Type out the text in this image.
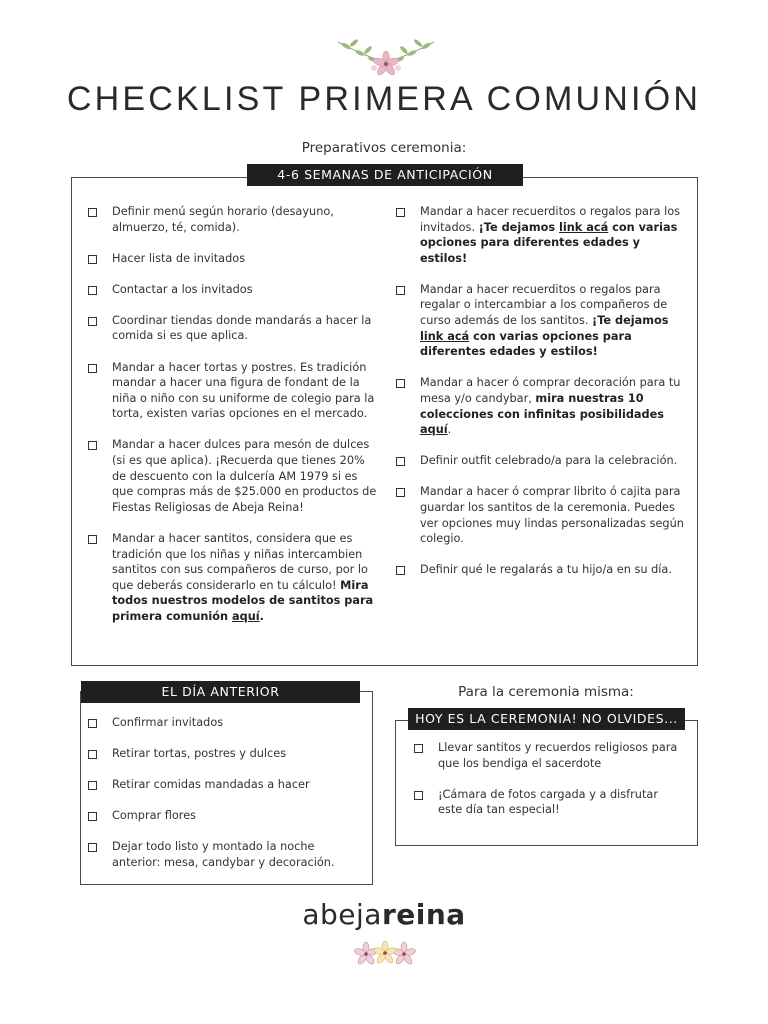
CHECKLIST PRIMERA COMUNIÓN
Preparativos ceremonia:
4-6 SEMANAS DE ANTICIPACIÓN
Definir menú según horario (desayuno, almuerzo, té, comida).
Hacer lista de invitados
Contactar a los invitados
Coordinar tiendas donde mandarás a hacer la comida si es que aplica.
Mandar a hacer tortas y postres. Es tradición mandar a hacer una figura de fondant de la niña o niño con su uniforme de colegio para la torta, existen varias opciones en el mercado.
Mandar a hacer dulces para mesón de dulces (si es que aplica). ¡Recuerda que tienes 20% de descuento con la dulcería AM 1979 si es que compras más de $25.000 en productos de Fiestas Religiosas de Abeja Reina!
Mandar a hacer santitos, considera que es tradición que los niñas y niñas intercambien santitos con sus compañeros de curso, por lo que deberás considerarlo en tu cálculo! Mira todos nuestros modelos de santitos para primera comunión aquí.
Mandar a hacer recuerditos o regalos para los invitados. ¡Te dejamos link acá con varias opciones para diferentes edades y estilos!
Mandar a hacer recuerditos o regalos para regalar o intercambiar a los compañeros de curso además de los santitos. ¡Te dejamos link acá con varias opciones para diferentes edades y estilos!
Mandar a hacer ó comprar decoración para tu mesa y/o candybar, mira nuestras 10 colecciones con infinitas posibilidades aquí.
Definir outfit celebrado/a para la celebración.
Mandar a hacer ó comprar librito ó cajita para guardar los santitos de la ceremonia. Puedes ver opciones muy lindas personalizadas según colegio.
Definir qué le regalarás a tu hijo/a en su día.
EL DÍA ANTERIOR
Confirmar invitados
Retirar tortas, postres y dulces
Retirar comidas mandadas a hacer
Comprar flores
Dejar todo listo y montado la noche anterior: mesa, candybar y decoración.
Para la ceremonia misma:
HOY ES LA CEREMONIA! NO OLVIDES...
Llevar santitos y recuerdos religiosos para que los bendiga el sacerdote
¡Cámara de fotos cargada y a disfrutar este día tan especial!
abejareina
